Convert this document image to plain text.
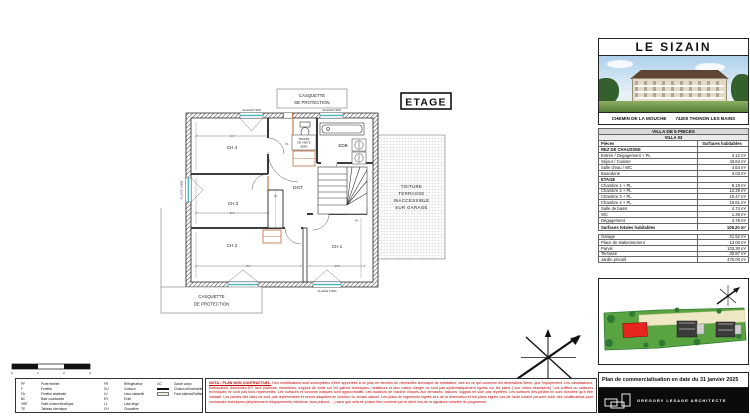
TOITURE
TERRASSE
INACCESSIBLE
SUR GARAGE
TRAPPE
DE VISITE
80/80
CH 4
CH 3
CH 2	CH 1
SDB
DGT
PL
PL
PL
ALLEGE 0.90M	ALLEGE 0.90M
ALLEGE 0.90M
ALLEGE 0.90M
417
363
463	250
CASQUETTE
DE PROTECTION
CASQUETTE
DE PROTECTION
ETAGE
0	1	2	3
LE SIZAIN
CHEMIN DE LA MOUCHE 74200 THONON LES BAINS
VILLA DE 5 PIECES
VILLA 03
Pièces	Surfaces habitables
REZ DE CHAUSSEE
Entrée / Dégagement + PL	4.12 m²
Séjour / Cuisine	43.64 m²
Salle d'eau / WC	4.64 m²
Buanderie	3.03 m²
ETAGE
Chambre 1 + PL	9.19 m²
Chambre 2 + PL	12.39 m²
Chambre 3 + PL	10.47 m²
Chambre 4 + PL	10.81 m²
Salle de bains	4.74 m²
WC	1.39 m²
Dégagement	4.78 m²
Surfaces totales habitables	109.20 m²
Garage	21.52 m²
Place de stationnement	13.00 m²
Parvis	103.30 m²
Terrasse	30.87 m²
Jardin privatif	470.00 m²
Plan de commercialisation en date du 31 janvier 2025
GREGORY LESAGE ARCHITECTE
PF	Porte fenêtre
F	Fenêtre
FA	Fenêtre abattante
BC	Baie coulissante
VRE	Volet roulant électrique
TE	Tableau électrique
FR	Réfrigérateur
CU	Cuisson
LV	Lave-vaisselle
EV	Evier
LL	Lave-linge
CH	Chaudière
GC	Garde corps
Cloison démontable
Faux plafond/Soffite
NOTA : PLAN NON CONTRACTUEL. Des modifications sont susceptibles d'être apportées à ce plan en fonction de nécessités technique de réalisation, tant en ce qui concerne les dimensions libres, que l'équipement. Les canalisations, barbacanes, descentes EP, faux plafonds, retombées, trappes de visite sur les gaines techniques, radiateurs et faux mains d'angle ne sont pas systématiquement figurés sur les plans ( voir notice descriptive). Les soffites ou caissons techniques ne sont pas tous représentés. Les surfaces et volumes indiqués sont approximatifs. Les hauteurs de marche d'accès aux terrasses, balcons, loggias ne sont pas répétées. Les surfaces des jardins ne sont données qu'à titre indicatif. Les pentes des talus ne sont pas représentées et seront adaptées en fonction du terrain naturel. Les plans de logements signés lors de la réservation et les plans signés lors de l'acte notarié peuvent subir des modifications pour contraintes techniques (déplacement d'équipements intérieurs, faux plafond, ...) sans que cela ne puisse être contesté par le client lors de la signature notariée du programme.
